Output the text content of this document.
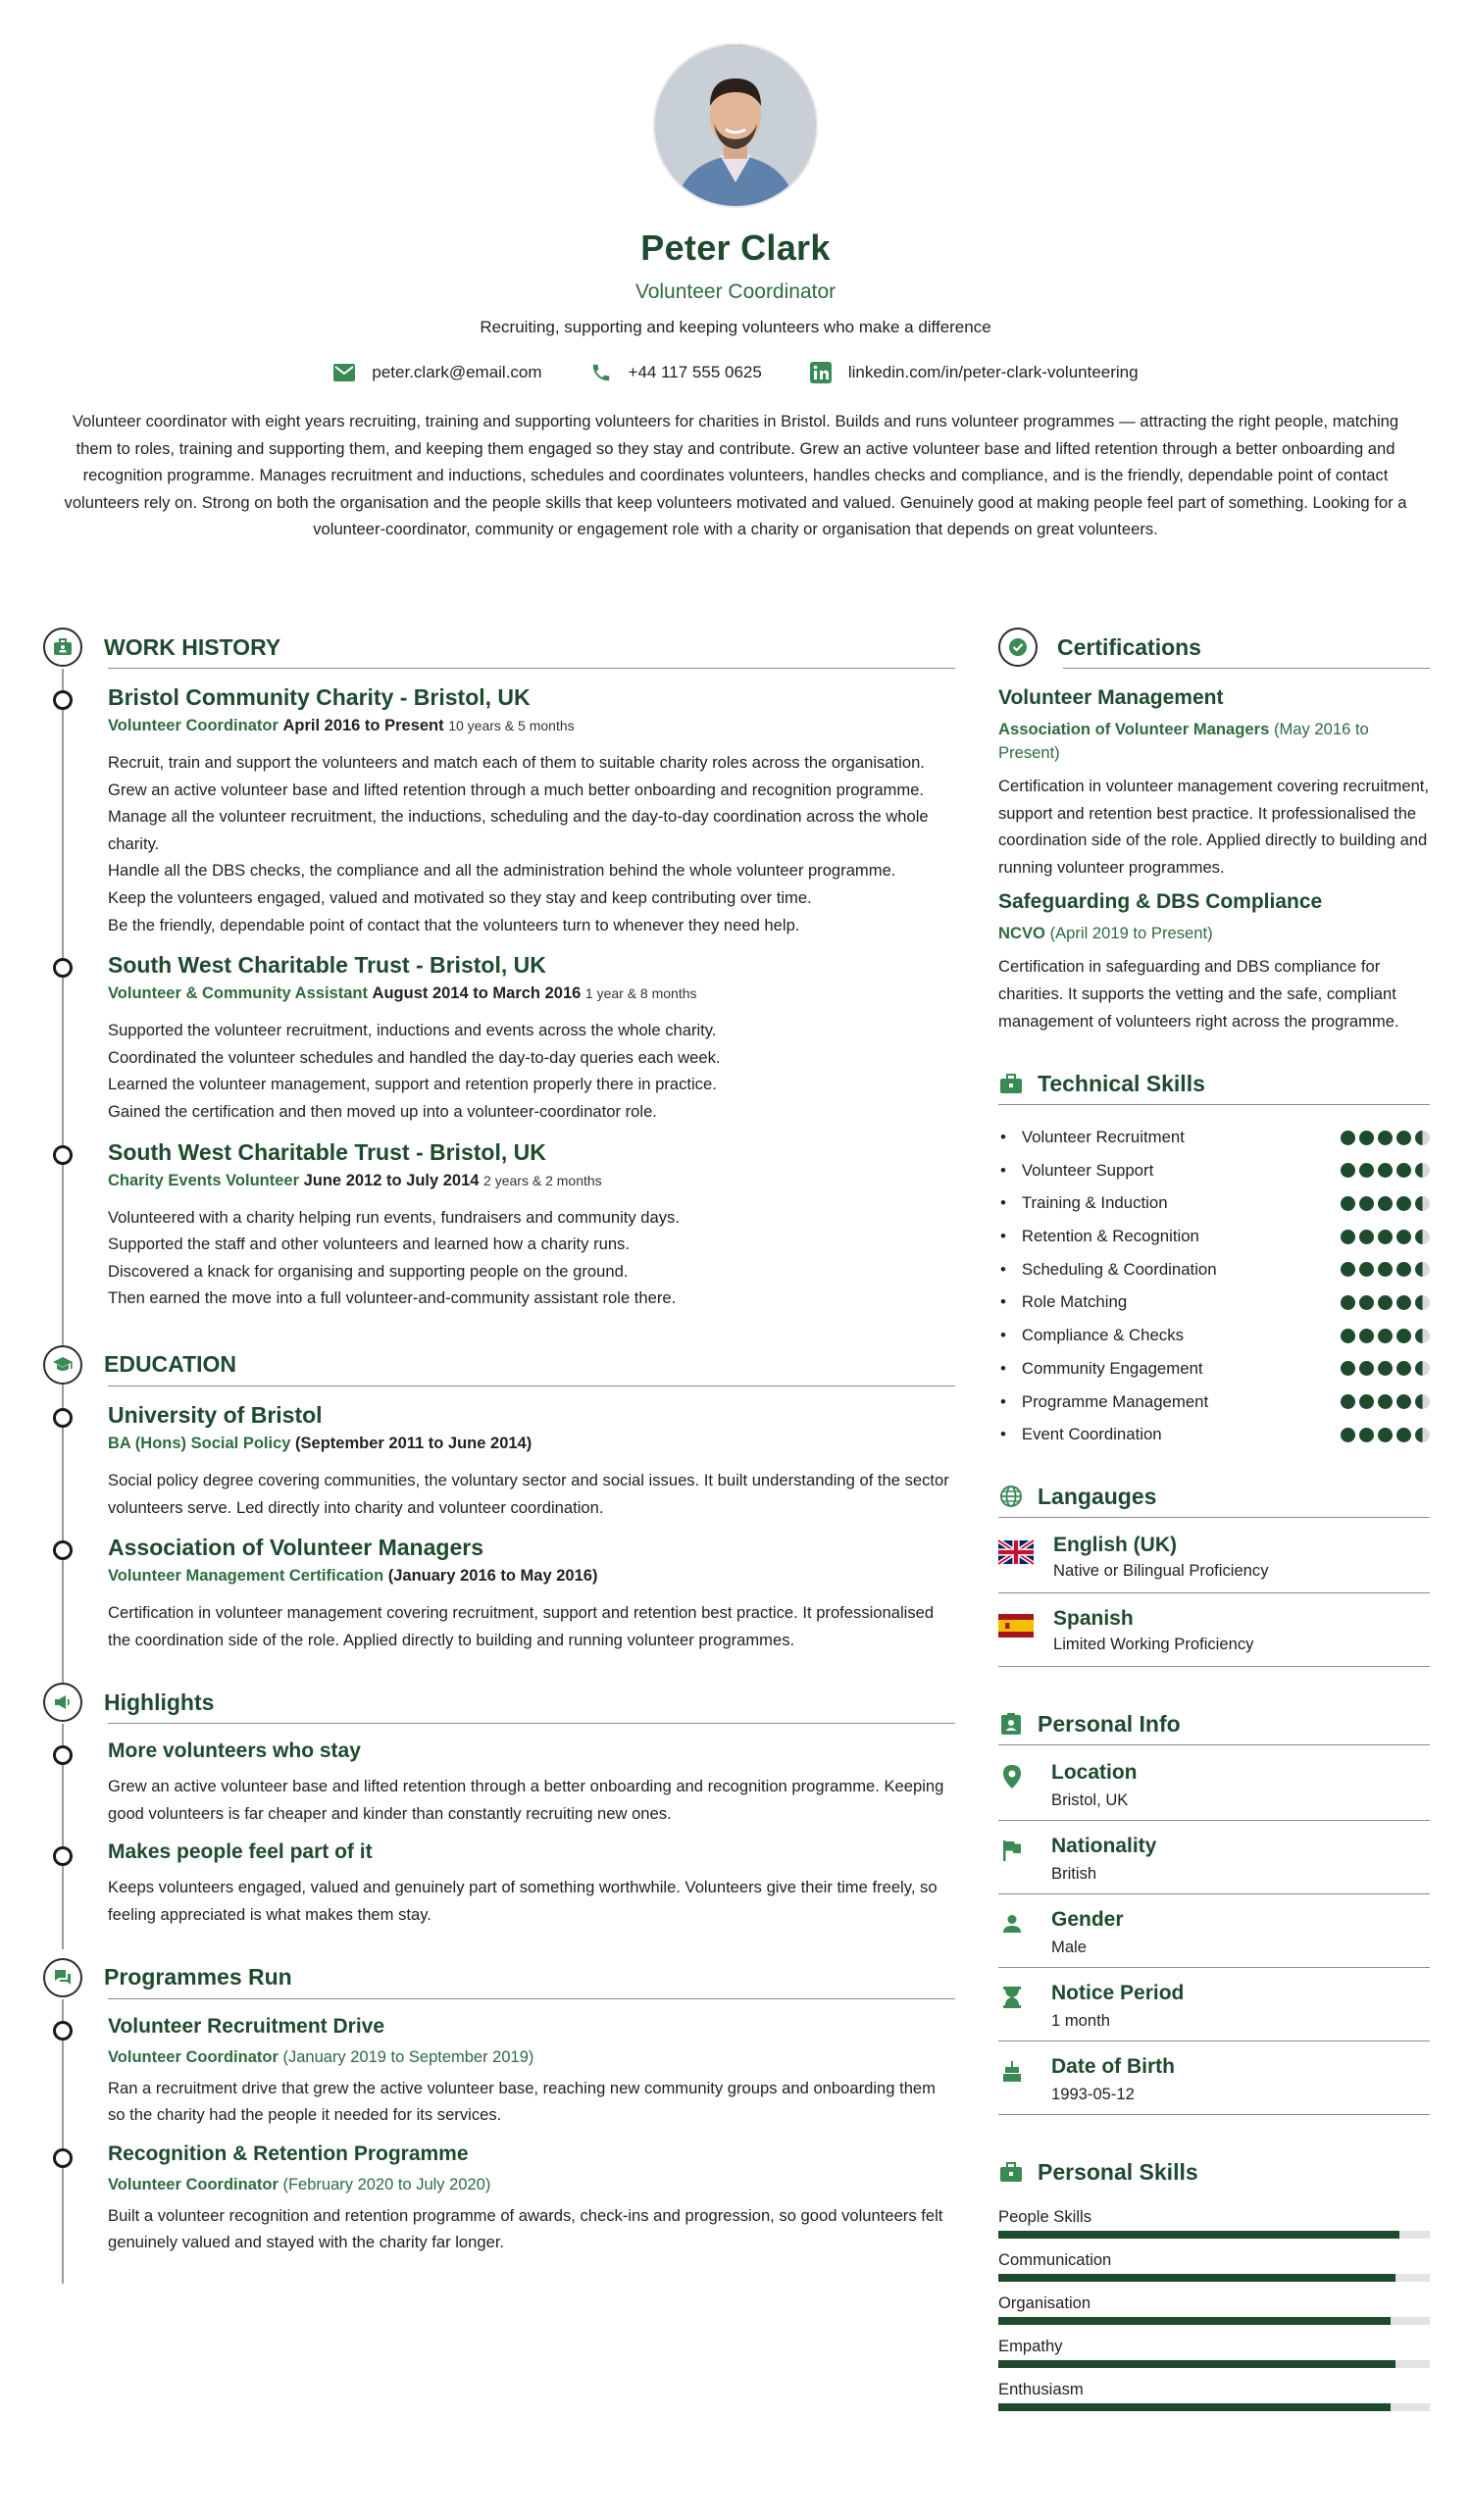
Peter Clark
Volunteer Coordinator
Recruiting, supporting and keeping volunteers who make a difference
peter.clark@email.com	+44 117 555 0625	linkedin.com/in/peter-clark-volunteering
Volunteer coordinator with eight years recruiting, training and supporting volunteers for charities in Bristol. Builds and runs volunteer programmes — attracting the right people, matching them to roles, training and supporting them, and keeping them engaged so they stay and contribute. Grew an active volunteer base and lifted retention through a better onboarding and recognition programme. Manages recruitment and inductions, schedules and coordinates volunteers, handles checks and compliance, and is the friendly, dependable point of contact volunteers rely on. Strong on both the organisation and the people skills that keep volunteers motivated and valued. Genuinely good at making people feel part of something. Looking for a volunteer-coordinator, community or engagement role with a charity or organisation that depends on great volunteers.
WORK HISTORY
Bristol Community Charity - Bristol, UK
Volunteer Coordinator April 2016 to Present 10 years & 5 months
Recruit, train and support the volunteers and match each of them to suitable charity roles across the organisation.
Grew an active volunteer base and lifted retention through a much better onboarding and recognition programme.
Manage all the volunteer recruitment, the inductions, scheduling and the day-to-day coordination across the whole charity.
Handle all the DBS checks, the compliance and all the administration behind the whole volunteer programme.
Keep the volunteers engaged, valued and motivated so they stay and keep contributing over time.
Be the friendly, dependable point of contact that the volunteers turn to whenever they need help.
South West Charitable Trust - Bristol, UK
Volunteer & Community Assistant August 2014 to March 2016 1 year & 8 months
Supported the volunteer recruitment, inductions and events across the whole charity.
Coordinated the volunteer schedules and handled the day-to-day queries each week.
Learned the volunteer management, support and retention properly there in practice.
Gained the certification and then moved up into a volunteer-coordinator role.
South West Charitable Trust - Bristol, UK
Charity Events Volunteer June 2012 to July 2014 2 years & 2 months
Volunteered with a charity helping run events, fundraisers and community days.
Supported the staff and other volunteers and learned how a charity runs.
Discovered a knack for organising and supporting people on the ground.
Then earned the move into a full volunteer-and-community assistant role there.
EDUCATION
University of Bristol
BA (Hons) Social Policy (September 2011 to June 2014)
Social policy degree covering communities, the voluntary sector and social issues. It built understanding of the sector volunteers serve. Led directly into charity and volunteer coordination.
Association of Volunteer Managers
Volunteer Management Certification (January 2016 to May 2016)
Certification in volunteer management covering recruitment, support and retention best practice. It professionalised the coordination side of the role. Applied directly to building and running volunteer programmes.
Highlights
More volunteers who stay
Grew an active volunteer base and lifted retention through a better onboarding and recognition programme. Keeping good volunteers is far cheaper and kinder than constantly recruiting new ones.
Makes people feel part of it
Keeps volunteers engaged, valued and genuinely part of something worthwhile. Volunteers give their time freely, so feeling appreciated is what makes them stay.
Programmes Run
Volunteer Recruitment Drive
Volunteer Coordinator (January 2019 to September 2019)
Ran a recruitment drive that grew the active volunteer base, reaching new community groups and onboarding them so the charity had the people it needed for its services.
Recognition & Retention Programme
Volunteer Coordinator (February 2020 to July 2020)
Built a volunteer recognition and retention programme of awards, check-ins and progression, so good volunteers felt genuinely valued and stayed with the charity far longer.
Certifications
Volunteer Management
Association of Volunteer Managers (May 2016 to Present)
Certification in volunteer management covering recruitment, support and retention best practice. It professionalised the coordination side of the role. Applied directly to building and running volunteer programmes.
Safeguarding & DBS Compliance
NCVO (April 2019 to Present)
Certification in safeguarding and DBS compliance for charities. It supports the vetting and the safe, compliant management of volunteers right across the programme.
Technical Skills
• Volunteer Recruitment
• Volunteer Support
• Training & Induction
• Retention & Recognition
• Scheduling & Coordination
• Role Matching
• Compliance & Checks
• Community Engagement
• Programme Management
• Event Coordination
Langauges
English (UK)
Native or Bilingual Proficiency
Spanish
Limited Working Proficiency
Personal Info
Location
Bristol, UK
Nationality
British
Gender
Male
Notice Period
1 month
Date of Birth
1993-05-12
Personal Skills
People Skills
Communication
Organisation
Empathy
Enthusiasm
